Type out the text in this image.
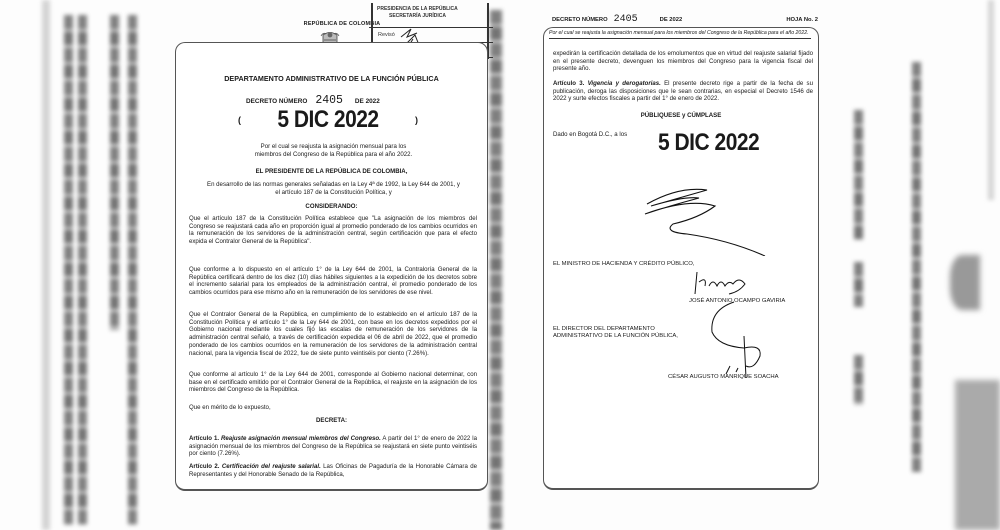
REPÚBLICA DE COLOMBIA
PRESIDENCIA DE LA REPÚBLICA
SECRETARÍA JURÍDICA
Revisó
DEPARTAMENTO ADMINISTRATIVO DE LA FUNCIÓN PÚBLICA
DECRETO NÚMERO 2405 DE 2022
( 5 DIC 2022	)
Por el cual se reajusta la asignación mensual para los miembros del Congreso de la República para el año 2022.
EL PRESIDENTE DE LA REPÚBLICA DE COLOMBIA,
En desarrollo de las normas generales señaladas en la Ley 4ª de 1992, la Ley 644 de 2001, y el artículo 187 de la Constitución Política, y
CONSIDERANDO:
Que el artículo 187 de la Constitución Política establece que "La asignación de los miembros del Congreso se reajustará cada año en proporción igual al promedio ponderado de los cambios ocurridos en la remuneración de los servidores de la administración central, según certificación que para el efecto expida el Contralor General de la República".
Que conforme a lo dispuesto en el artículo 1° de la Ley 644 de 2001, la Contraloría General de la República certificará dentro de los diez (10) días hábiles siguientes a la expedición de los decretos sobre el incremento salarial para los empleados de la administración central, el promedio ponderado de los cambios ocurridos para ese mismo año en la remuneración de los servidores de ese nivel.
Que el Contralor General de la República, en cumplimiento de lo establecido en el artículo 187 de la Constitución Política y el artículo 1° de la Ley 644 de 2001, con base en los decretos expedidos por el Gobierno nacional mediante los cuales fijó las escalas de remuneración de los servidores de la administración central señaló, a través de certificación expedida el 06 de abril de 2022, que el promedio ponderado de los cambios ocurridos en la remuneración de los servidores de la administración central nacional, para la vigencia fiscal de 2022, fue de siete punto veintiséis por ciento (7.26%).
Que conforme al artículo 1° de la Ley 644 de 2001, corresponde al Gobierno nacional determinar, con base en el certificado emitido por el Contralor General de la República, el reajuste en la asignación de los miembros del Congreso de la República.
Que en mérito de lo expuesto,
DECRETA:
Artículo 1. Reajuste asignación mensual miembros del Congreso. A partir del 1° de enero de 2022 la asignación mensual de los miembros del Congreso de la República se reajustará en siete punto veintiséis por ciento (7.26%).
Artículo 2. Certificación del reajuste salarial. Las Oficinas de Pagaduría de la Honorable Cámara de Representantes y del Honorable Senado de la República,
DECRETO NÚMERO 2405	DE 2022	HOJA No. 2
Por el cual se reajusta la asignación mensual para los miembros del Congreso de la República para el año 2022.
expedirán la certificación detallada de los emolumentos que en virtud del reajuste salarial fijado en el presente decreto, devenguen los miembros del Congreso para la vigencia fiscal del presente año.
Artículo 3. Vigencia y derogatorias. El presente decreto rige a partir de la fecha de su publicación, deroga las disposiciones que le sean contrarias, en especial el Decreto 1546 de 2022 y surte efectos fiscales a partir del 1° de enero de 2022.
PÚBLIQUESE y CÚMPLASE
Dado en Bogotá D.C., a los 5 DIC 2022
EL MINISTRO DE HACIENDA Y CRÉDITO PÚBLICO,
JOSÉ ANTONIO OCAMPO GAVIRIA
EL DIRECTOR DEL DEPARTAMENTO
ADMINISTRATIVO DE LA FUNCIÓN PÚBLICA,
CÉSAR AUGUSTO MANRIQUE SOACHA
